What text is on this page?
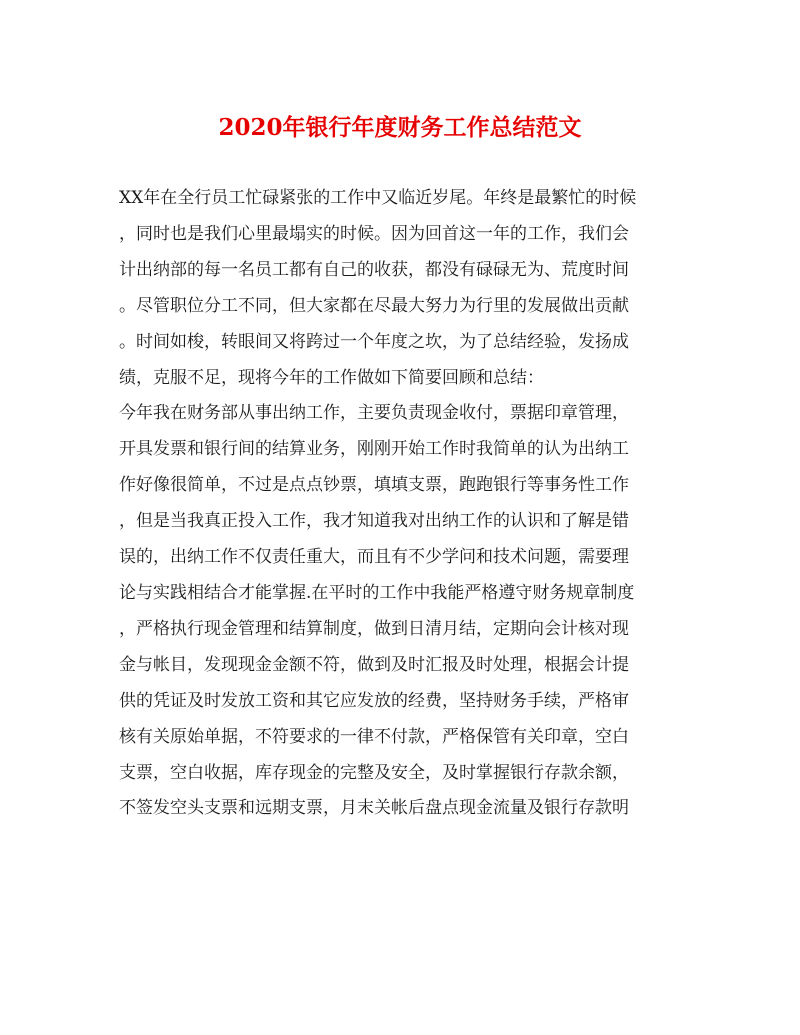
2020年银行年度财务工作总结范文

XX年在全行员工忙碌紧张的工作中又临近岁尾。年终是最繁忙的时候

，同时也是我们心里最塌实的时候。因为回首这一年的工作，我们会

计出纳部的每一名员工都有自己的收获，都没有碌碌无为、荒度时间

。尽管职位分工不同，但大家都在尽最大努力为行里的发展做出贡献

。时间如梭，转眼间又将跨过一个年度之坎，为了总结经验，发扬成

绩，克服不足，现将今年的工作做如下简要回顾和总结：

今年我在财务部从事出纳工作，主要负责现金收付，票据印章管理，

开具发票和银行间的结算业务，刚刚开始工作时我简单的认为出纳工

作好像很简单，不过是点点钞票，填填支票，跑跑银行等事务性工作

，但是当我真正投入工作，我才知道我对出纳工作的认识和了解是错

误的，出纳工作不仅责任重大，而且有不少学问和技术问题，需要理

论与实践相结合才能掌握.在平时的工作中我能严格遵守财务规章制度

，严格执行现金管理和结算制度，做到日清月结，定期向会计核对现

金与帐目，发现现金金额不符，做到及时汇报及时处理，根据会计提

供的凭证及时发放工资和其它应发放的经费，坚持财务手续，严格审

核有关原始单据，不符要求的一律不付款，严格保管有关印章，空白

支票，空白收据，库存现金的完整及安全，及时掌握银行存款余额，

不签发空头支票和远期支票，月末关帐后盘点现金流量及银行存款明
